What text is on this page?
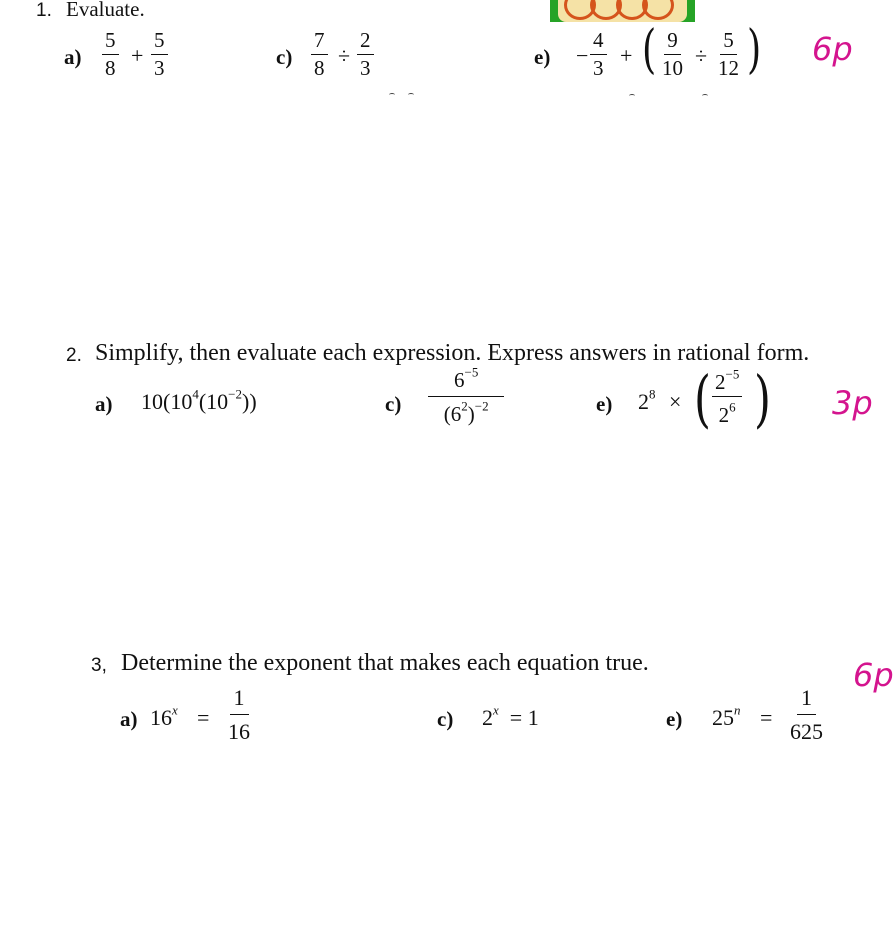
1. Evaluate.
$a) \frac{5}{8} + \frac{5}{3}$	$c) \frac{7}{8} \div \frac{2}{3}$	$e) - \frac{4}{3}$ + ( $\frac{9}{10} \div \frac{5}{12}$ ) 6p
2. Simplify, then evaluate each expression. Express answers in rational form.
a) $10(10^4(10^{-2}))$	$c) \frac{6^{-5}}{(6^2)^{-2}}$	e) $2^8$ × ( $\frac{2^{-5}}{2^6}$ ) 3p
3, Determine the exponent that makes each equation true.
a) $16^x = \frac{1}{16}$	c) $2^x = 1$	e) $25^n = \frac{1}{625}$
6p
